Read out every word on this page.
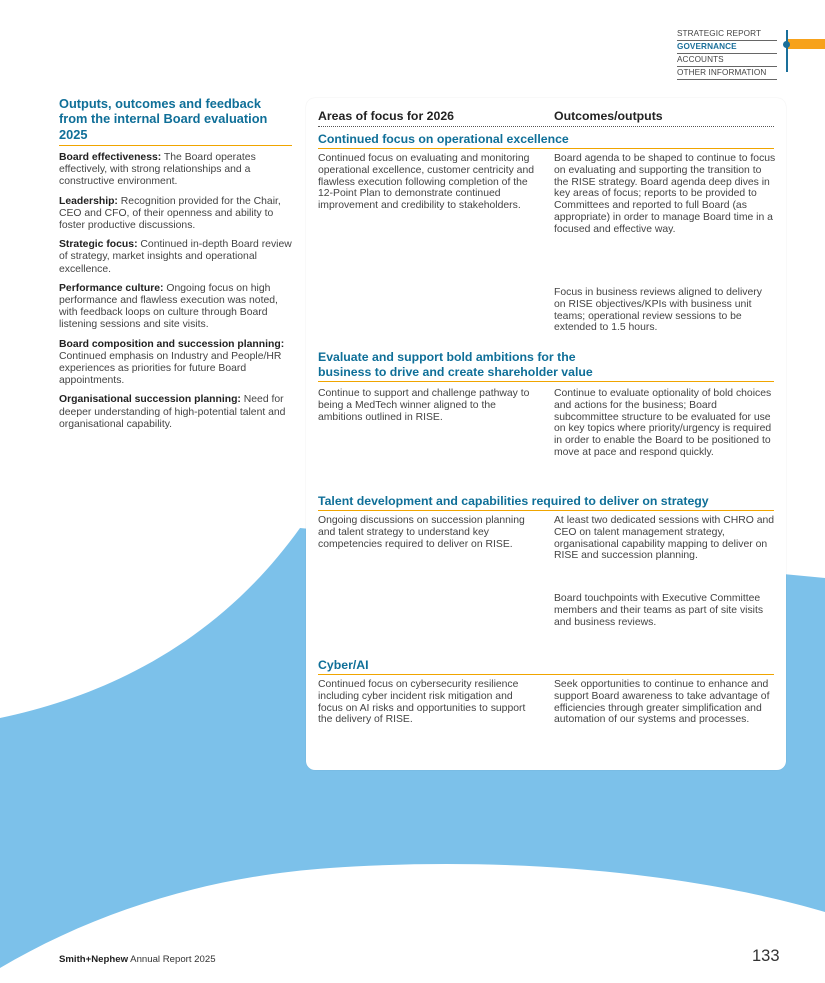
STRATEGIC REPORT
GOVERNANCE
ACCOUNTS
OTHER INFORMATION
Outputs, outcomes and feedback from the internal Board evaluation 2025

Board effectiveness: The Board operates effectively, with strong relationships and a constructive environment.

Leadership: Recognition provided for the Chair, CEO and CFO, of their openness and ability to foster productive discussions.

Strategic focus: Continued in-depth Board review of strategy, market insights and operational excellence.

Performance culture: Ongoing focus on high performance and flawless execution was noted, with feedback loops on culture through Board listening sessions and site visits.

Board composition and succession planning: Continued emphasis on Industry and People/HR experiences as priorities for future Board appointments.

Organisational succession planning: Need for deeper understanding of high-potential talent and organisational capability.

Areas of focus for 2026	Outcomes/outputs
Continued focus on operational excellence
Continued focus on evaluating and monitoring operational excellence, customer centricity and flawless execution following completion of the 12-Point Plan to demonstrate continued improvement and credibility to stakeholders.
Board agenda to be shaped to continue to focus on evaluating and supporting the transition to the RISE strategy. Board agenda deep dives in key areas of focus; reports to be provided to Committees and reported to full Board (as appropriate) in order to manage Board time in a focused and effective way.
Focus in business reviews aligned to delivery on RISE objectives/KPIs with business unit teams; operational review sessions to be extended to 1.5 hours.
Evaluate and support bold ambitions for the business to drive and create shareholder value
Continue to support and challenge pathway to being a MedTech winner aligned to the ambitions outlined in RISE.
Continue to evaluate optionality of bold choices and actions for the business; Board subcommittee structure to be evaluated for use on key topics where priority/urgency is required in order to enable the Board to be positioned to move at pace and respond quickly.
Talent development and capabilities required to deliver on strategy
Ongoing discussions on succession planning and talent strategy to understand key competencies required to deliver on RISE.
At least two dedicated sessions with CHRO and CEO on talent management strategy, organisational capability mapping to deliver on RISE and succession planning.
Board touchpoints with Executive Committee members and their teams as part of site visits and business reviews.
Cyber/AI
Continued focus on cybersecurity resilience including cyber incident risk mitigation and focus on AI risks and opportunities to support the delivery of RISE.
Seek opportunities to continue to enhance and support Board awareness to take advantage of efficiencies through greater simplification and automation of our systems and processes.
Smith+Nephew Annual Report 2025	133
